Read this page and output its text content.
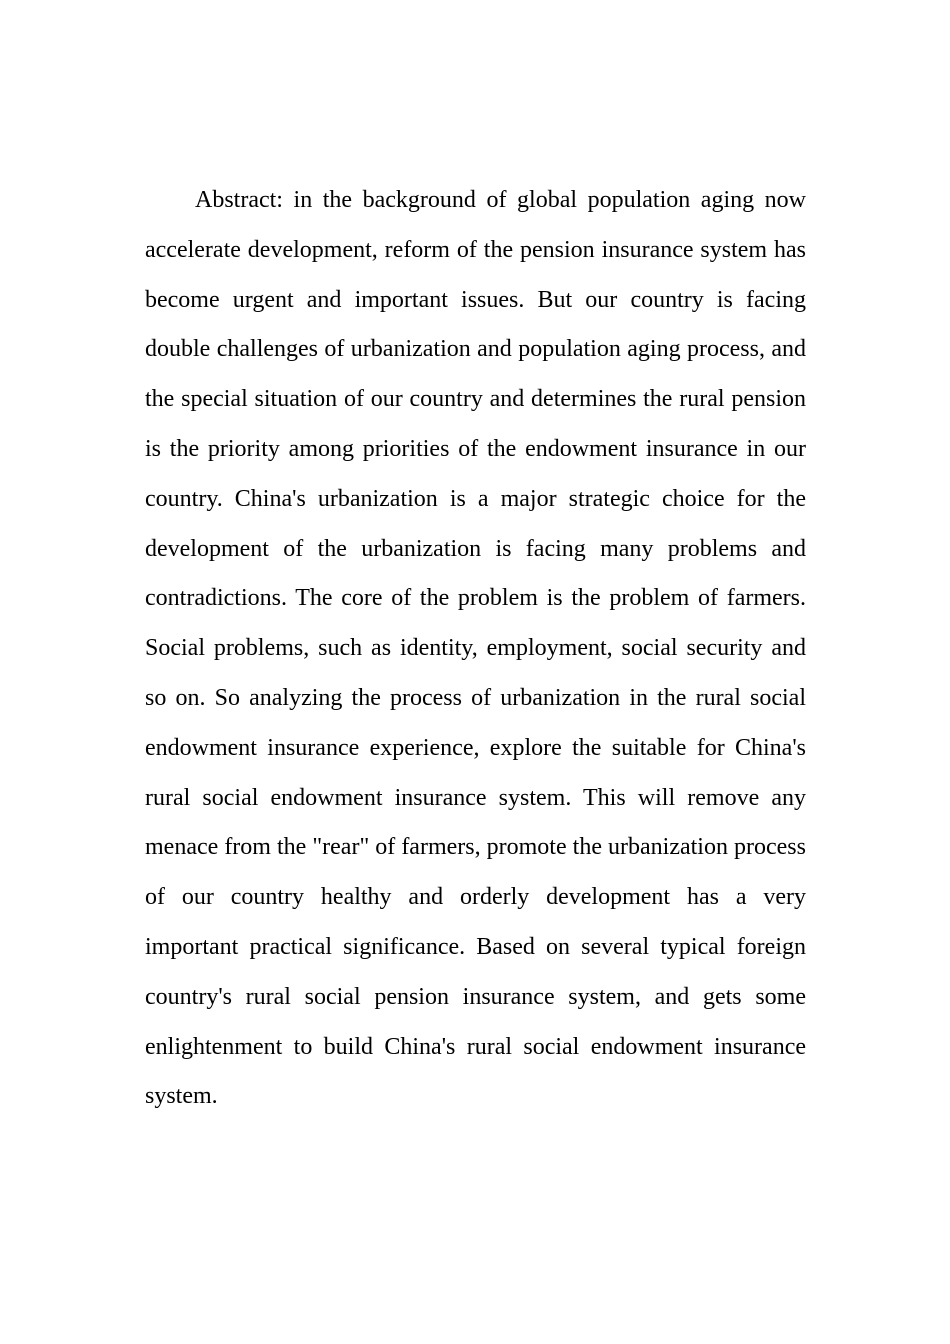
Abstract: in the background of global population aging now accelerate development, reform of the pension insurance system has become urgent and important issues. But our country is facing double challenges of urbanization and population aging process, and the special situation of our country and determines the rural pension is the priority among priorities of the endowment insurance in our country. China's urbanization is a major strategic choice for the development of the urbanization is facing many problems and contradictions. The core of the problem is the problem of farmers. Social problems, such as identity, employment, social security and so on. So analyzing the process of urbanization in the rural social endowment insurance experience, explore the suitable for China's rural social endowment insurance system. This will remove any menace from the "rear" of farmers, promote the urbanization process of our country healthy and orderly development has a very important practical significance. Based on several typical foreign country's rural social pension insurance system, and gets some enlightenment to build China's rural social endowment insurance system.
